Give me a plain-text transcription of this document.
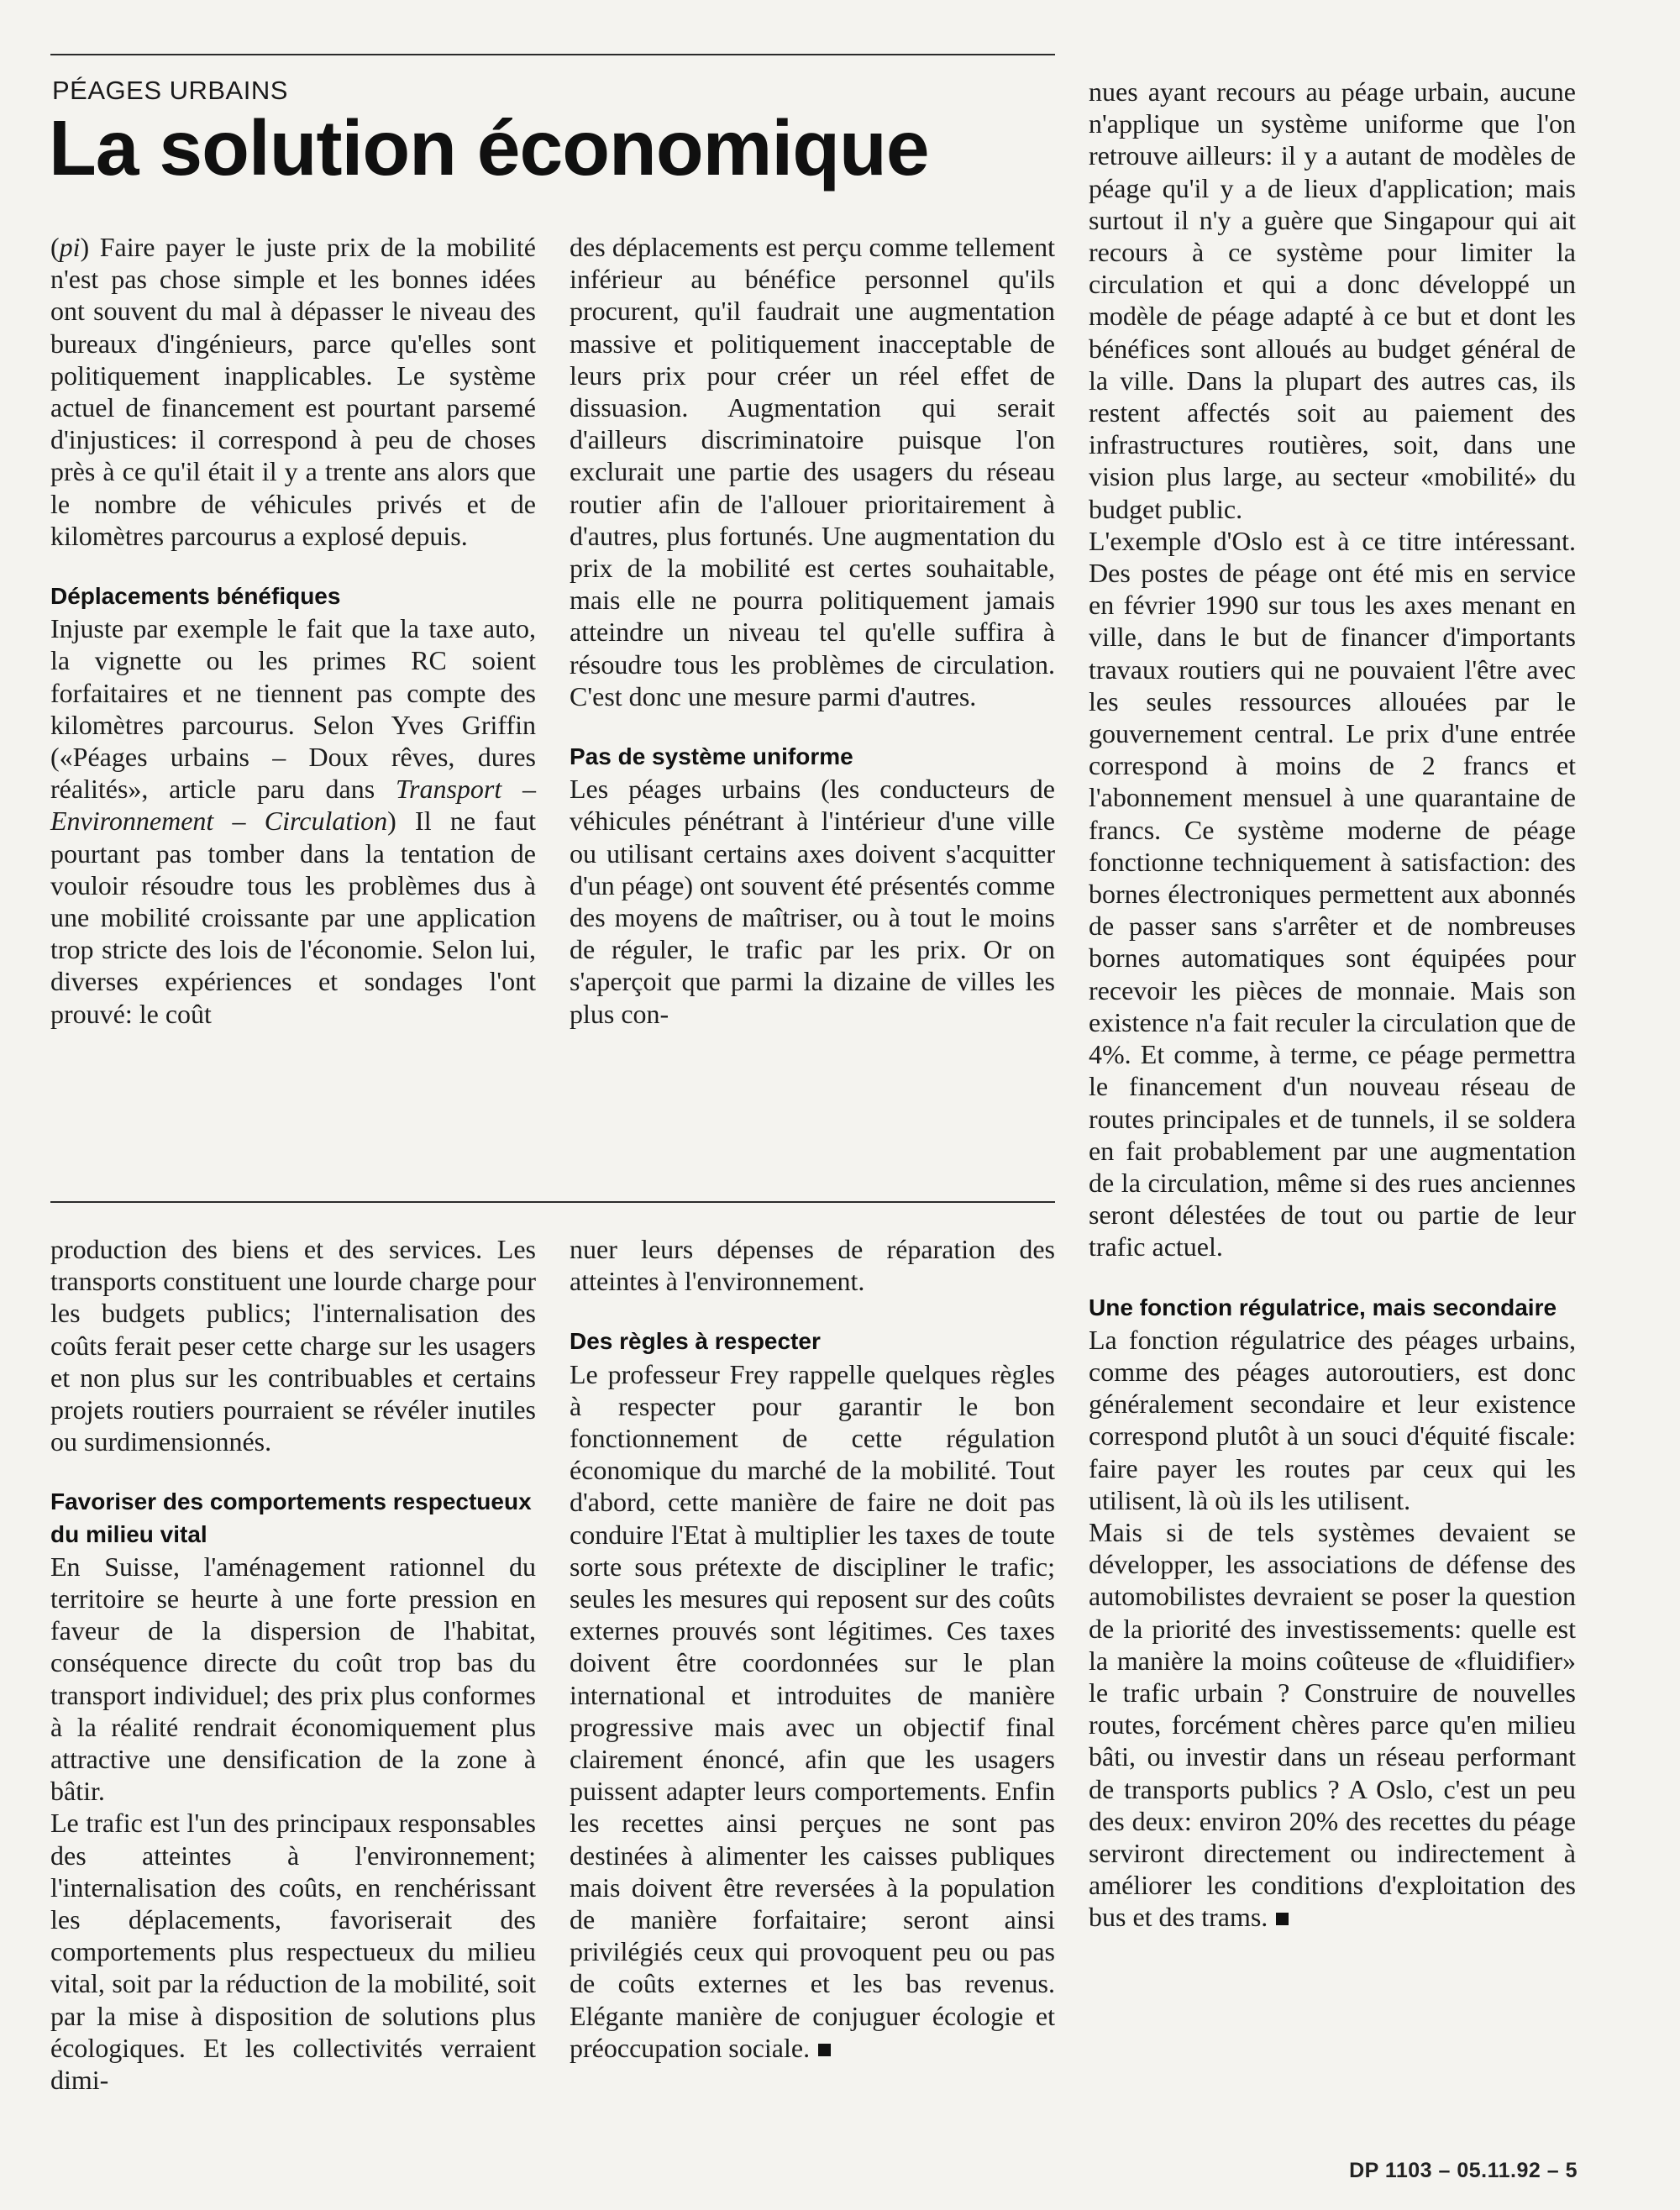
PÉAGES URBAINS
La solution économique

(pi) Faire payer le juste prix de la mobilité n'est pas chose simple et les bonnes idées ont souvent du mal à dépasser le niveau des bureaux d'ingénieurs, parce qu'elles sont politiquement inapplicables. Le système actuel de financement est pourtant parsemé d'injustices: il correspond à peu de choses près à ce qu'il était il y a trente ans alors que le nombre de véhicules privés et de kilomètres parcourus a explosé depuis.

Déplacements bénéfiques

Injuste par exemple le fait que la taxe auto, la vignette ou les primes RC soient forfaitaires et ne tiennent pas compte des kilomètres parcourus. Selon Yves Griffin («Péages urbains – Doux rêves, dures réalités», article paru dans Transport – Environnement – Circulation) Il ne faut pourtant pas tomber dans la tentation de vouloir résoudre tous les problèmes dus à une mobilité croissante par une application trop stricte des lois de l'économie. Selon lui, diverses expériences et sondages l'ont prouvé: le coût

des déplacements est perçu comme tellement inférieur au bénéfice personnel qu'ils procurent, qu'il faudrait une augmentation massive et politiquement inacceptable de leurs prix pour créer un réel effet de dissuasion. Augmentation qui serait d'ailleurs discriminatoire puisque l'on exclurait une partie des usagers du réseau routier afin de l'allouer prioritairement à d'autres, plus fortunés. Une augmentation du prix de la mobilité est certes souhaitable, mais elle ne pourra politiquement jamais atteindre un niveau tel qu'elle suffira à résoudre tous les problèmes de circulation. C'est donc une mesure parmi d'autres.

Pas de système uniforme

Les péages urbains (les conducteurs de véhicules pénétrant à l'intérieur d'une ville ou utilisant certains axes doivent s'acquitter d'un péage) ont souvent été présentés comme des moyens de maîtriser, ou à tout le moins de réguler, le trafic par les prix. Or on s'aperçoit que parmi la dizaine de villes les plus con-

nues ayant recours au péage urbain, aucune n'applique un système uniforme que l'on retrouve ailleurs: il y a autant de modèles de péage qu'il y a de lieux d'application; mais surtout il n'y a guère que Singapour qui ait recours à ce système pour limiter la circulation et qui a donc développé un modèle de péage adapté à ce but et dont les bénéfices sont alloués au budget général de la ville. Dans la plupart des autres cas, ils restent affectés soit au paiement des infrastructures routières, soit, dans une vision plus large, au secteur «mobilité» du budget public.

L'exemple d'Oslo est à ce titre intéressant. Des postes de péage ont été mis en service en février 1990 sur tous les axes menant en ville, dans le but de financer d'importants travaux routiers qui ne pouvaient l'être avec les seules ressources allouées par le gouvernement central. Le prix d'une entrée correspond à moins de 2 francs et l'abonnement mensuel à une quarantaine de francs. Ce système moderne de péage fonctionne techniquement à satisfaction: des bornes électroniques permettent aux abonnés de passer sans s'arrêter et de nombreuses bornes automatiques sont équipées pour recevoir les pièces de monnaie. Mais son existence n'a fait reculer la circulation que de 4%. Et comme, à terme, ce péage permettra le financement d'un nouveau réseau de routes principales et de tunnels, il se soldera en fait probablement par une augmentation de la circulation, même si des rues anciennes seront délestées de tout ou partie de leur trafic actuel.

Une fonction régulatrice, mais secondaire

La fonction régulatrice des péages urbains, comme des péages autoroutiers, est donc généralement secondaire et leur existence correspond plutôt à un souci d'équité fiscale: faire payer les routes par ceux qui les utilisent, là où ils les utilisent.

Mais si de tels systèmes devaient se développer, les associations de défense des automobilistes devraient se poser la question de la priorité des investissements: quelle est la manière la moins coûteuse de «fluidifier» le trafic urbain ? Construire de nouvelles routes, forcément chères parce qu'en milieu bâti, ou investir dans un réseau performant de transports publics ? A Oslo, c'est un peu des deux: environ 20% des recettes du péage serviront directement ou indirectement à améliorer les conditions d'exploitation des bus et des trams.

production des biens et des services. Les transports constituent une lourde charge pour les budgets publics; l'internalisation des coûts ferait peser cette charge sur les usagers et non plus sur les contribuables et certains projets routiers pourraient se révéler inutiles ou surdimensionnés.

Favoriser des comportements respectueux du milieu vital

En Suisse, l'aménagement rationnel du territoire se heurte à une forte pression en faveur de la dispersion de l'habitat, conséquence directe du coût trop bas du transport individuel; des prix plus conformes à la réalité rendrait économiquement plus attractive une densification de la zone à bâtir.

Le trafic est l'un des principaux responsables des atteintes à l'environnement; l'internalisation des coûts, en renchérissant les déplacements, favoriserait des comportements plus respectueux du milieu vital, soit par la réduction de la mobilité, soit par la mise à disposition de solutions plus écologiques. Et les collectivités verraient dimi-

nuer leurs dépenses de réparation des atteintes à l'environnement.

Des règles à respecter

Le professeur Frey rappelle quelques règles à respecter pour garantir le bon fonctionnement de cette régulation économique du marché de la mobilité. Tout d'abord, cette manière de faire ne doit pas conduire l'Etat à multiplier les taxes de toute sorte sous prétexte de discipliner le trafic; seules les mesures qui reposent sur des coûts externes prouvés sont légitimes. Ces taxes doivent être coordonnées sur le plan international et introduites de manière progressive mais avec un objectif final clairement énoncé, afin que les usagers puissent adapter leurs comportements. Enfin les recettes ainsi perçues ne sont pas destinées à alimenter les caisses publiques mais doivent être reversées à la population de manière forfaitaire; seront ainsi privilégiés ceux qui provoquent peu ou pas de coûts externes et les bas revenus. Elégante manière de conjuguer écologie et préoccupation sociale.

DP 1103 – 05.11.92 – 5
